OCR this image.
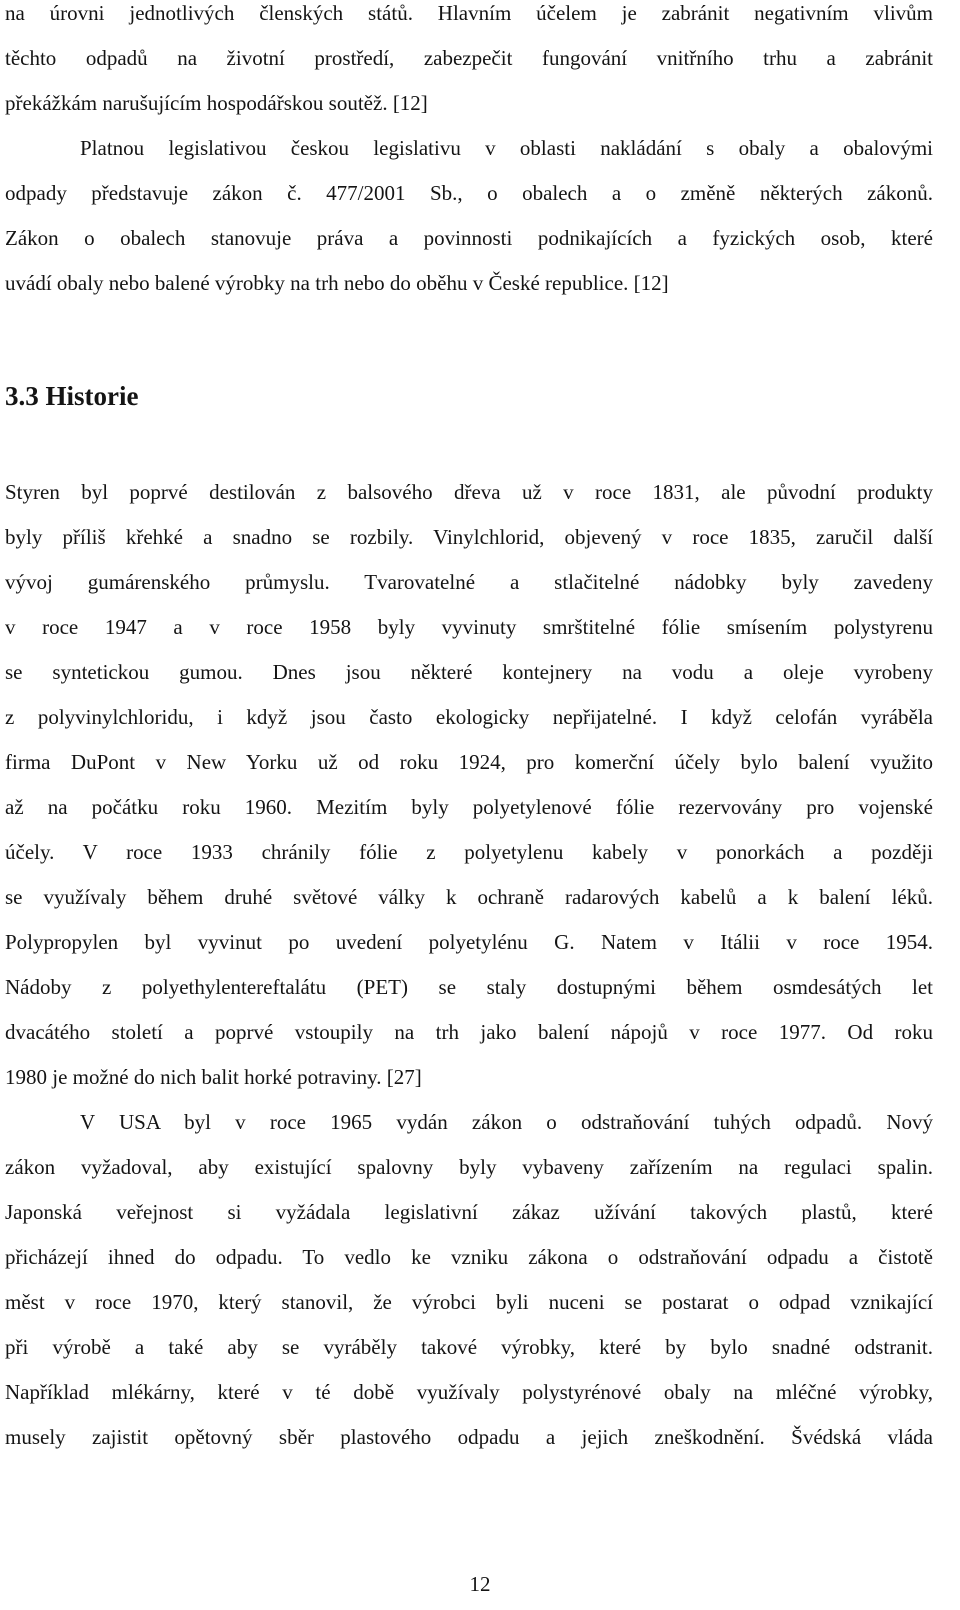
na úrovni jednotlivých členských států. Hlavním účelem je zabránit negativním vlivům
těchto odpadů na životní prostředí, zabezpečit fungování vnitřního trhu a zabránit
překážkám narušujícím hospodářskou soutěž. [12]
Platnou legislativou českou legislativu v oblasti nakládání s obaly a obalovými
odpady představuje zákon č. 477/2001 Sb., o obalech a o změně některých zákonů.
Zákon o obalech stanovuje práva a povinnosti podnikajících a fyzických osob, které
uvádí obaly nebo balené výrobky na trh nebo do oběhu v České republice. [12]
3.3 Historie
Styren byl poprvé destilován z balsového dřeva už v roce 1831, ale původní produkty
byly příliš křehké a snadno se rozbily. Vinylchlorid, objevený v roce 1835, zaručil další
vývoj gumárenského průmyslu. Tvarovatelné a stlačitelné nádobky byly zavedeny
v roce 1947 a v roce 1958 byly vyvinuty smrštitelné fólie smísením polystyrenu
se syntetickou gumou. Dnes jsou některé kontejnery na vodu a oleje vyrobeny
z polyvinylchloridu, i když jsou často ekologicky nepřijatelné. I když celofán vyráběla
firma DuPont v New Yorku už od roku 1924, pro komerční účely bylo balení využito
až na počátku roku 1960. Mezitím byly polyetylenové fólie rezervovány pro vojenské
účely. V roce 1933 chránily fólie z polyetylenu kabely v ponorkách a později
se využívaly během druhé světové války k ochraně radarových kabelů a k balení léků.
Polypropylen byl vyvinut po uvedení polyetylénu G. Natem v Itálii v roce 1954.
Nádoby z polyethylentereftalátu (PET) se staly dostupnými během osmdesátých let
dvacátého století a poprvé vstoupily na trh jako balení nápojů v roce 1977. Od roku
1980 je možné do nich balit horké potraviny. [27]
V USA byl v roce 1965 vydán zákon o odstraňování tuhých odpadů. Nový
zákon vyžadoval, aby existující spalovny byly vybaveny zařízením na regulaci spalin.
Japonská veřejnost si vyžádala legislativní zákaz užívání takových plastů, které
přicházejí ihned do odpadu. To vedlo ke vzniku zákona o odstraňování odpadu a čistotě
měst v roce 1970, který stanovil, že výrobci byli nuceni se postarat o odpad vznikající
při výrobě a také aby se vyráběly takové výrobky, které by bylo snadné odstranit.
Například mlékárny, které v té době využívaly polystyrénové obaly na mléčné výrobky,
musely zajistit opětovný sběr plastového odpadu a jejich zneškodnění. Švédská vláda
12
